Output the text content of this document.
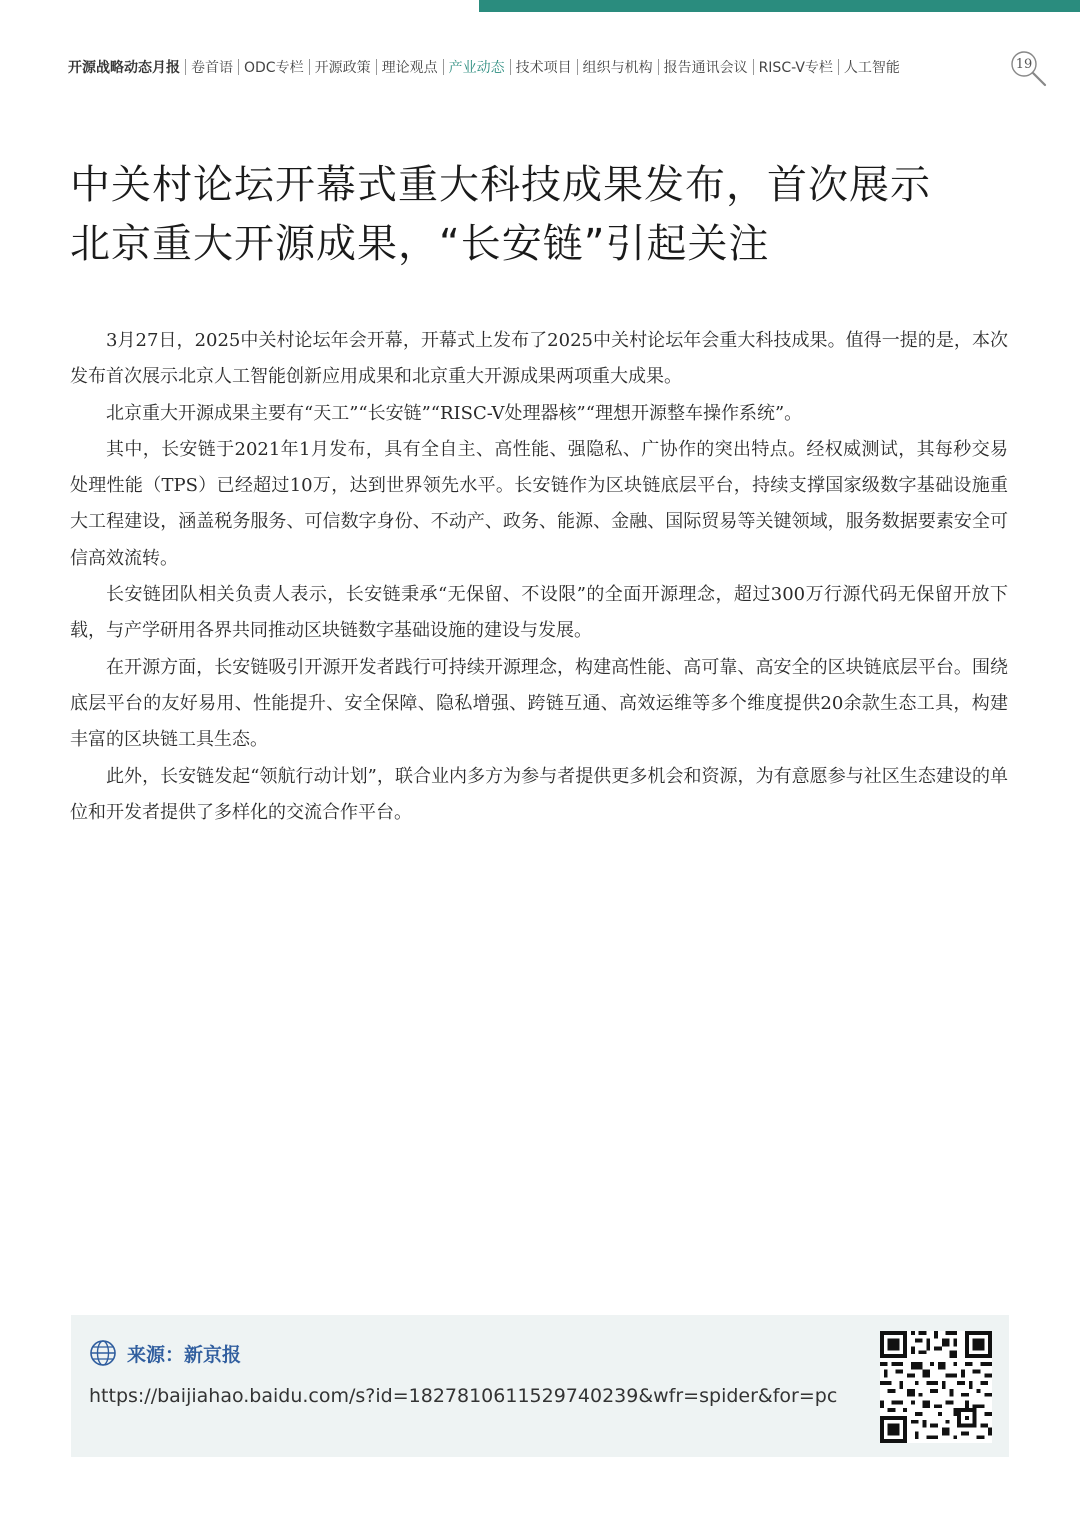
开源战略动态月报 卷首语 ODC专栏 开源政策 理论观点 产业动态 技术项目 组织与机构 报告通讯会议 RISC-V专栏 人工智能	19
中关村论坛开幕式重大科技成果发布，首次展示
北京重大开源成果，“长安链”引起关注

3月27日，2025中关村论坛年会开幕，开幕式上发布了2025中关村论坛年会重大科技成果。值得一提的是，本次发布首次展示北京人工智能创新应用成果和北京重大开源成果两项重大成果。

北京重大开源成果主要有“天工”“长安链”“RISC-V处理器核”“理想开源整车操作系统”。

其中，长安链于2021年1月发布，具有全自主、高性能、强隐私、广协作的突出特点。经权威测试，其每秒交易处理性能（TPS）已经超过10万，达到世界领先水平。长安链作为区块链底层平台，持续支撑国家级数字基础设施重大工程建设，涵盖税务服务、可信数字身份、不动产、政务、能源、金融、国际贸易等关键领域，服务数据要素安全可信高效流转。

长安链团队相关负责人表示，长安链秉承“无保留、不设限”的全面开源理念，超过300万行源代码无保留开放下载，与产学研用各界共同推动区块链数字基础设施的建设与发展。

在开源方面，长安链吸引开源开发者践行可持续开源理念，构建高性能、高可靠、高安全的区块链底层平台。围绕底层平台的友好易用、性能提升、安全保障、隐私增强、跨链互通、高效运维等多个维度提供20余款生态工具，构建丰富的区块链工具生态。

此外，长安链发起“领航行动计划”，联合业内多方为参与者提供更多机会和资源，为有意愿参与社区生态建设的单位和开发者提供了多样化的交流合作平台。

来源：新京报
https://baijiahao.baidu.com/s?id=1827810611529740239&wfr=spider&for=pc
